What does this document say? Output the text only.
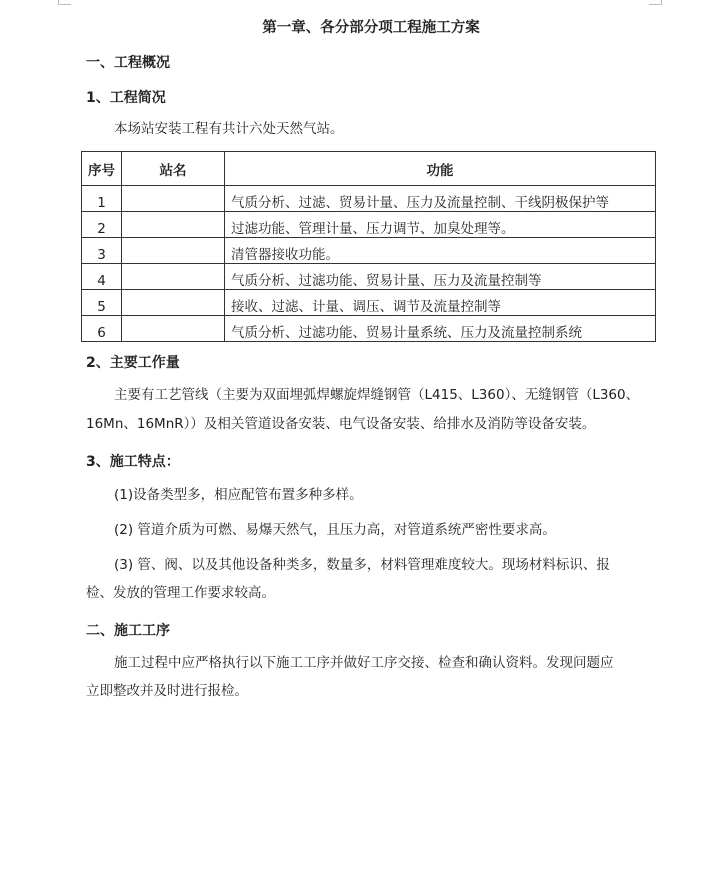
第一章、各分部分项工程施工方案
一、工程概况
1、工程简况
本场站安装工程有共计六处天然气站。
序号	站名	功能
1		气质分析、过滤、贸易计量、压力及流量控制、干线阴极保护等
2		过滤功能、管理计量、压力调节、加臭处理等。
3		清管器接收功能。
4		气质分析、过滤功能、贸易计量、压力及流量控制等
5		接收、过滤、计量、调压、调节及流量控制等
6		气质分析、过滤功能、贸易计量系统、压力及流量控制系统
2、主要工作量
主要有工艺管线（主要为双面埋弧焊螺旋焊缝钢管（L415、L360）、无缝钢管（L360、
16Mn、16MnR））及相关管道设备安装、电气设备安装、给排水及消防等设备安装。
3、施工特点：
(1)设备类型多，相应配管布置多种多样。
(2) 管道介质为可燃、易爆天然气，且压力高，对管道系统严密性要求高。
(3) 管、阀、以及其他设备种类多，数量多，材料管理难度较大。现场材料标识、报
检、发放的管理工作要求较高。
二、施工工序
施工过程中应严格执行以下施工工序并做好工序交接、检查和确认资料。发现问题应
立即整改并及时进行报检。
